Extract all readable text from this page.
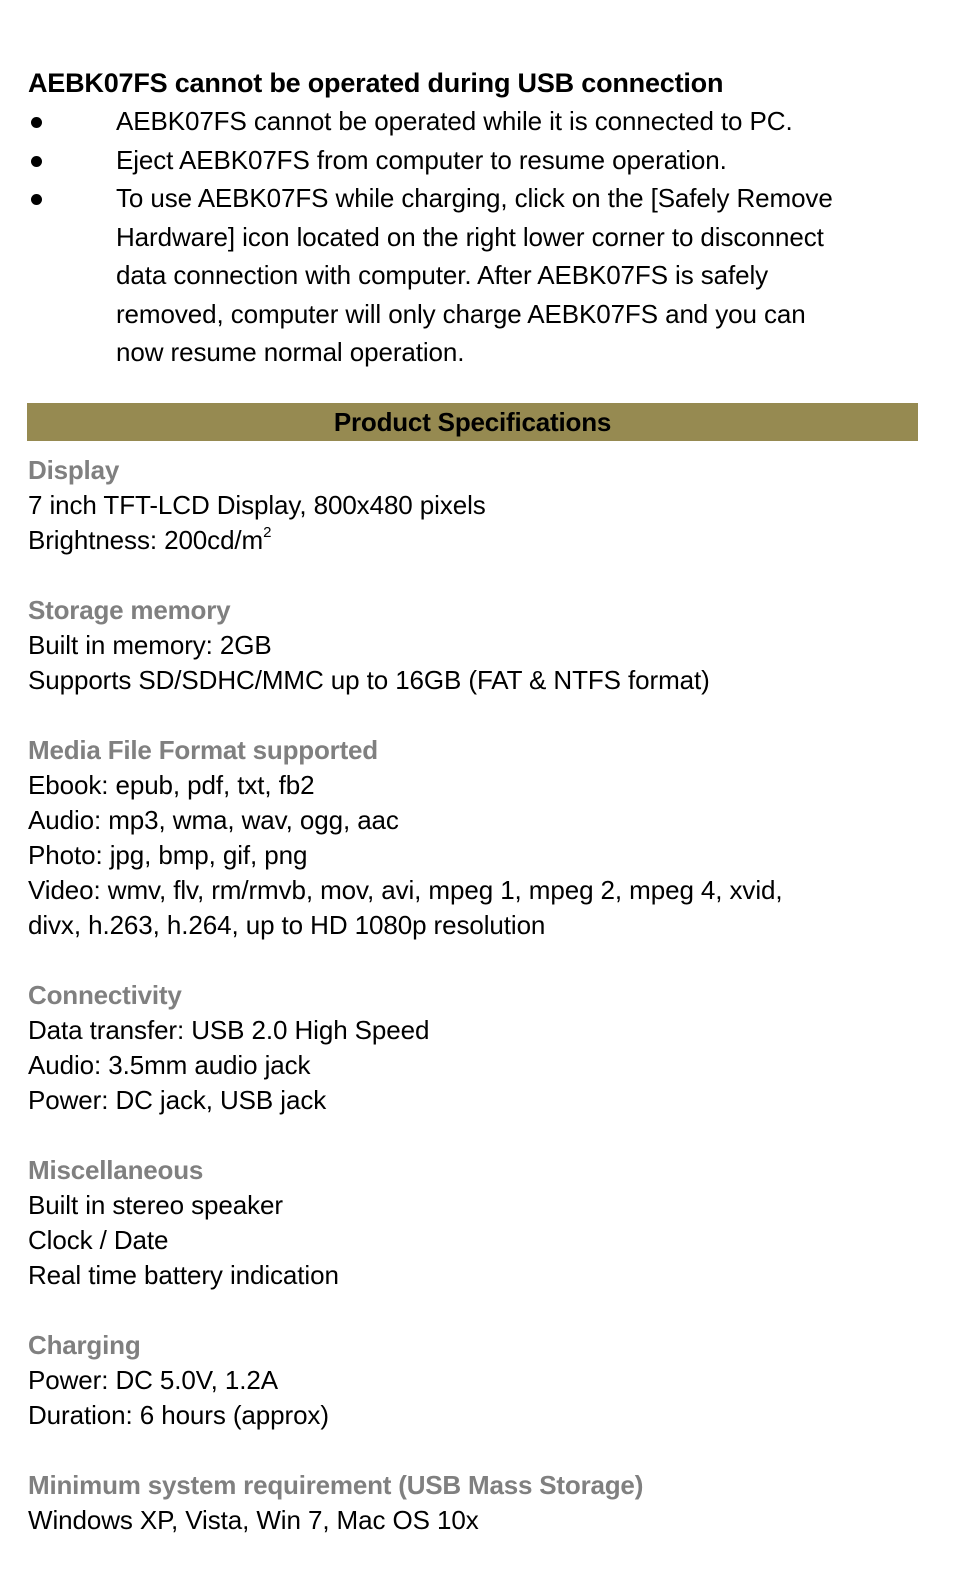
AEBK07FS cannot be operated during USB connection
AEBK07FS cannot be operated while it is connected to PC.
Eject AEBK07FS from computer to resume operation.
To use AEBK07FS while charging, click on the [Safely Remove
Hardware] icon located on the right lower corner to disconnect
data connection with computer. After AEBK07FS is safely
removed, computer will only charge AEBK07FS and you can
now resume normal operation.
Product Specifications
Display
7 inch TFT-LCD Display, 800x480 pixels
Brightness: $200cd/m^2$
Storage memory
Built in memory: 2GB
Supports SD/SDHC/MMC up to 16GB (FAT & NTFS format)
Media File Format supported
Ebook: epub, pdf, txt, fb2
Audio: mp3, wma, wav, ogg, aac
Photo: jpg, bmp, gif, png
Video: wmv, flv, rm/rmvb, mov, avi, mpeg 1, mpeg 2, mpeg 4, xvid,
divx, h.263, h.264, up to HD 1080p resolution
Connectivity
Data transfer: USB 2.0 High Speed
Audio: 3.5mm audio jack
Power: DC jack, USB jack
Miscellaneous
Built in stereo speaker
Clock / Date
Real time battery indication
Charging
Power: DC 5.0V, 1.2A
Duration: 6 hours (approx)
Minimum system requirement (USB Mass Storage)
Windows XP, Vista, Win 7, Mac OS 10x
